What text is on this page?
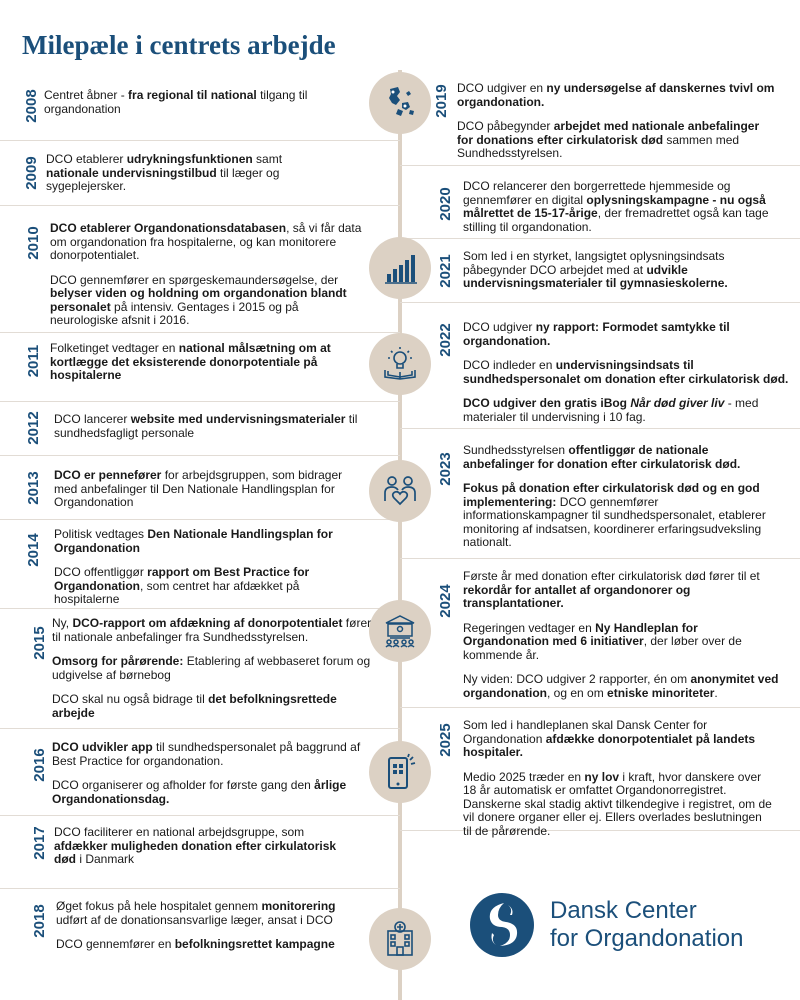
Milepæle i centrets arbejde
2008 Centret åbner - fra regional til national tilgang til organdonation

2009 DCO etablerer udrykningsfunktionen samt nationale undervisningstilbud til læger og sygeplejersker.

2010 DCO etablerer Organdonationsdatabasen, så vi får data om organdonation fra hospitalerne, og kan monitorere donorpotentialet.

DCO gennemfører en spørgeskemaundersøgelse, der belyser viden og holdning om organdonation blandt personalet på intensiv. Gentages i 2015 og på neurologiske afsnit i 2016.

2011 Folketinget vedtager en national målsætning om at kortlægge det eksisterende donorpotentiale på hospitalerne

2012 DCO lancerer website med undervisningsmaterialer til sundhedsfagligt personale

2013 DCO er pennefører for arbejdsgruppen, som bidrager med anbefalinger til Den Nationale Handlingsplan for Organdonation

2014 Politisk vedtages Den Nationale Handlingsplan for Organdonation

DCO offentliggør rapport om Best Practice for Organdonation, som centret har afdækket på hospitalerne

2015

Ny, DCO-rapport om afdækning af donorpotentialet fører til nationale anbefalinger fra Sundhedsstyrelsen.

Omsorg for pårørende: Etablering af webbaseret forum og udgivelse af børnebog

DCO skal nu også bidrage til det befolkningsrettede arbejde

2016

DCO udvikler app til sundhedspersonalet på baggrund af Best Practice for organdonation.

DCO organiserer og afholder for første gang den årlige Organdonationsdag.

2017 DCO faciliterer en national arbejdsgruppe, som afdækker muligheden donation efter cirkulatorisk død i Danmark

2018 Øget fokus på hele hospitalet gennem monitorering udført af de donationsansvarlige læger, ansat i DCO

DCO gennemfører en befolkningsrettet kampagne

2019 DCO udgiver en ny undersøgelse af danskernes tvivl om organdonation.

DCO påbegynder arbejdet med nationale anbefalinger for donations efter cirkulatorisk død sammen med Sundhedsstyrelsen.

2020

DCO relancerer den borgerrettede hjemmeside og gennemfører en digital oplysningskampagne - nu også målrettet de 15-17-årige, der fremadrettet også kan tage stilling til organdonation.

2021 Som led i en styrket, langsigtet oplysningsindsats påbegynder DCO arbejdet med at udvikle undervisningsmaterialer til gymnasieskolerne.

2022 DCO udgiver ny rapport: Formodet samtykke til organdonation.

DCO indleder en undervisningsindsats til sundhedspersonalet om donation efter cirkulatorisk død.

DCO udgiver den gratis iBog Når død giver liv - med materialer til undervisning i 10 fag.

2023

Sundhedsstyrelsen offentliggør de nationale anbefalinger for donation efter cirkulatorisk død.

Fokus på donation efter cirkulatorisk død og en god implementering: DCO gennemfører informationskampagner til sundhedspersonalet, etablerer monitoring af indsatsen, koordinerer erfaringsudveksling nationalt.

2024

Første år med donation efter cirkulatorisk død fører til et rekordår for antallet af organdonorer og transplantationer.

Regeringen vedtager en Ny Handleplan for Organdonation med 6 initiativer, der løber over de kommende år.

Ny viden: DCO udgiver 2 rapporter, én om anonymitet ved organdonation, og en om etniske minoriteter.

2025 Som led i handleplanen skal Dansk Center for Organdonation afdække donorpotentialet på landets hospitaler.

Medio 2025 træder en ny lov i kraft, hvor danskere over 18 år automatisk er omfattet Organdonorregistret. Danskerne skal stadig aktivt tilkendegive i registret, om de vil donere organer eller ej. Ellers overlades beslutningen til de pårørende.

Dansk Center
for Organdonation
